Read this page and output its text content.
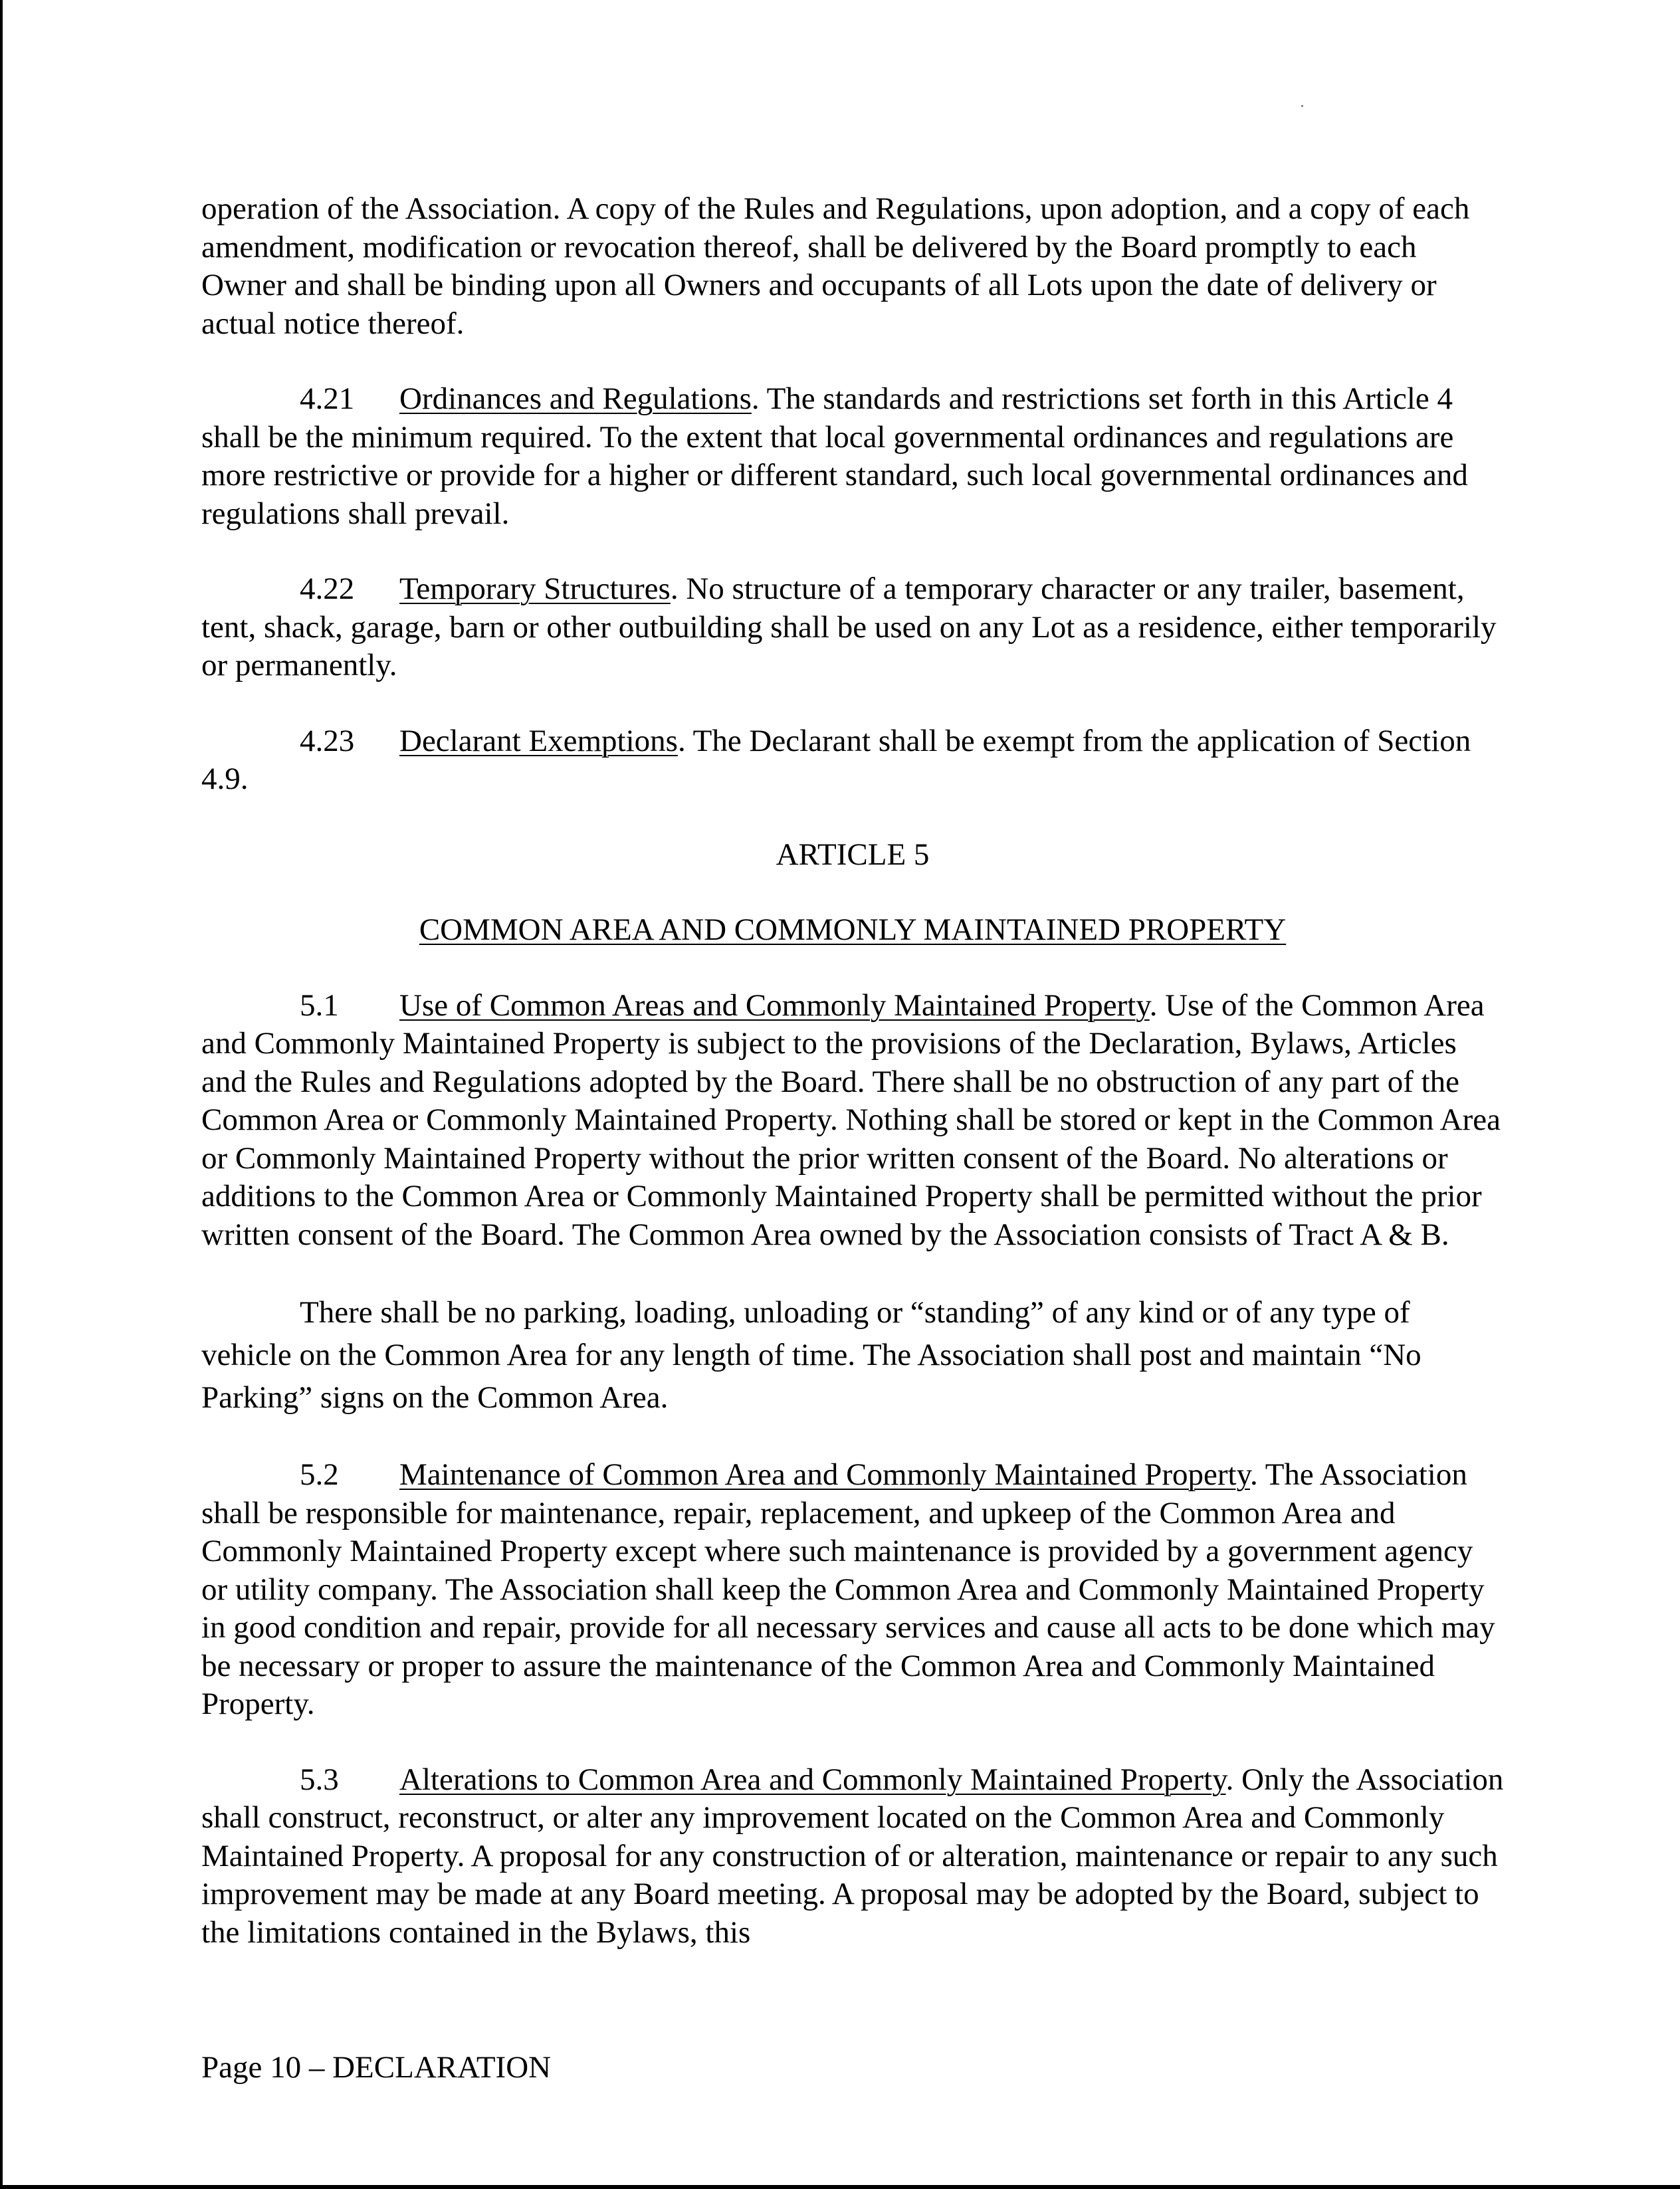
operation of the Association. A copy of the Rules and Regulations, upon adoption, and a copy of each amendment, modification or revocation thereof, shall be delivered by the Board promptly to each Owner and shall be binding upon all Owners and occupants of all Lots upon the date of delivery or actual notice thereof.

4.21 Ordinances and Regulations. The standards and restrictions set forth in this Article 4 shall be the minimum required. To the extent that local governmental ordinances and regulations are more restrictive or provide for a higher or different standard, such local governmental ordinances and regulations shall prevail.

4.22 Temporary Structures. No structure of a temporary character or any trailer, basement, tent, shack, garage, barn or other outbuilding shall be used on any Lot as a residence, either temporarily or permanently.

4.23 Declarant Exemptions. The Declarant shall be exempt from the application of Section 4.9.

ARTICLE 5

COMMON AREA AND COMMONLY MAINTAINED PROPERTY

5.1 Use of Common Areas and Commonly Maintained Property. Use of the Common Area and Commonly Maintained Property is subject to the provisions of the Declaration, Bylaws, Articles and the Rules and Regulations adopted by the Board. There shall be no obstruction of any part of the Common Area or Commonly Maintained Property. Nothing shall be stored or kept in the Common Area or Commonly Maintained Property without the prior written consent of the Board. No alterations or additions to the Common Area or Commonly Maintained Property shall be permitted without the prior written consent of the Board. The Common Area owned by the Association consists of Tract A & B.

There shall be no parking, loading, unloading or “standing” of any kind or of any type of vehicle on the Common Area for any length of time. The Association shall post and maintain “No Parking” signs on the Common Area.

5.2 Maintenance of Common Area and Commonly Maintained Property. The Association shall be responsible for maintenance, repair, replacement, and upkeep of the Common Area and Commonly Maintained Property except where such maintenance is provided by a government agency or utility company. The Association shall keep the Common Area and Commonly Maintained Property in good condition and repair, provide for all necessary services and cause all acts to be done which may be necessary or proper to assure the maintenance of the Common Area and Commonly Maintained Property.

5.3 Alterations to Common Area and Commonly Maintained Property. Only the Association shall construct, reconstruct, or alter any improvement located on the Common Area and Commonly Maintained Property. A proposal for any construction of or alteration, maintenance or repair to any such improvement may be made at any Board meeting. A proposal may be adopted by the Board, subject to the limitations contained in the Bylaws, this

Page 10 – DECLARATION
